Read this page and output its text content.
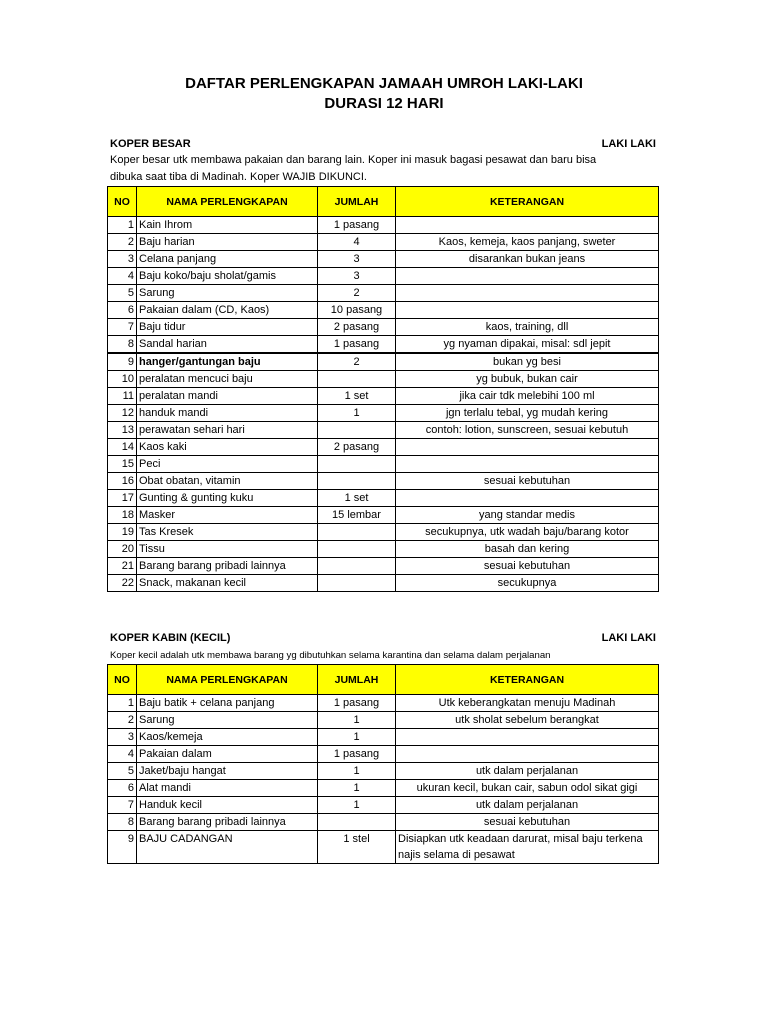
DAFTAR PERLENGKAPAN JAMAAH UMROH LAKI-LAKI
DURASI 12 HARI
KOPER BESAR	LAKI LAKI
Koper besar utk membawa pakaian dan barang lain. Koper ini masuk bagasi pesawat dan baru bisa
dibuka saat tiba di Madinah. Koper WAJIB DIKUNCI.
NO	NAMA PERLENGKAPAN	JUMLAH	KETERANGAN
1	Kain Ihrom	1 pasang	
2	Baju harian	4	Kaos, kemeja, kaos panjang, sweter
3	Celana panjang	3	disarankan bukan jeans
4	Baju koko/baju sholat/gamis	3	
5	Sarung	2	
6	Pakaian dalam (CD, Kaos)	10 pasang	
7	Baju tidur	2 pasang	kaos, training, dll
8	Sandal harian	1 pasang	yg nyaman dipakai, misal: sdl jepit
9	hanger/gantungan baju	2	bukan yg besi
10	peralatan mencuci baju		yg bubuk, bukan cair
11	peralatan mandi	1 set	jika cair tdk melebihi 100 ml
12	handuk mandi	1	jgn terlalu tebal, yg mudah kering
13	perawatan sehari hari		contoh: lotion, sunscreen, sesuai kebutuh
14	Kaos kaki	2 pasang	
15	Peci		
16	Obat obatan, vitamin		sesuai kebutuhan
17	Gunting & gunting kuku	1 set	
18	Masker	15 lembar	yang standar medis
19	Tas Kresek		secukupnya, utk wadah baju/barang kotor
20	Tissu		basah dan kering
21	Barang barang pribadi lainnya		sesuai kebutuhan
22	Snack, makanan kecil		secukupnya
KOPER KABIN (KECIL)	LAKI LAKI
Koper kecil adalah utk membawa barang yg dibutuhkan selama karantina dan selama dalam perjalanan
NO	NAMA PERLENGKAPAN	JUMLAH	KETERANGAN
1	Baju batik + celana panjang	1 pasang	Utk keberangkatan menuju Madinah
2	Sarung	1	utk sholat sebelum berangkat
3	Kaos/kemeja	1	
4	Pakaian dalam	1 pasang	
5	Jaket/baju hangat	1	utk dalam perjalanan
6	Alat mandi	1	ukuran kecil, bukan cair, sabun odol sikat gigi
7	Handuk kecil	1	utk dalam perjalanan
8	Barang barang pribadi lainnya		sesuai kebutuhan
9	BAJU CADANGAN	1 stel	Disiapkan utk keadaan darurat, misal baju terkena najis selama di pesawat
